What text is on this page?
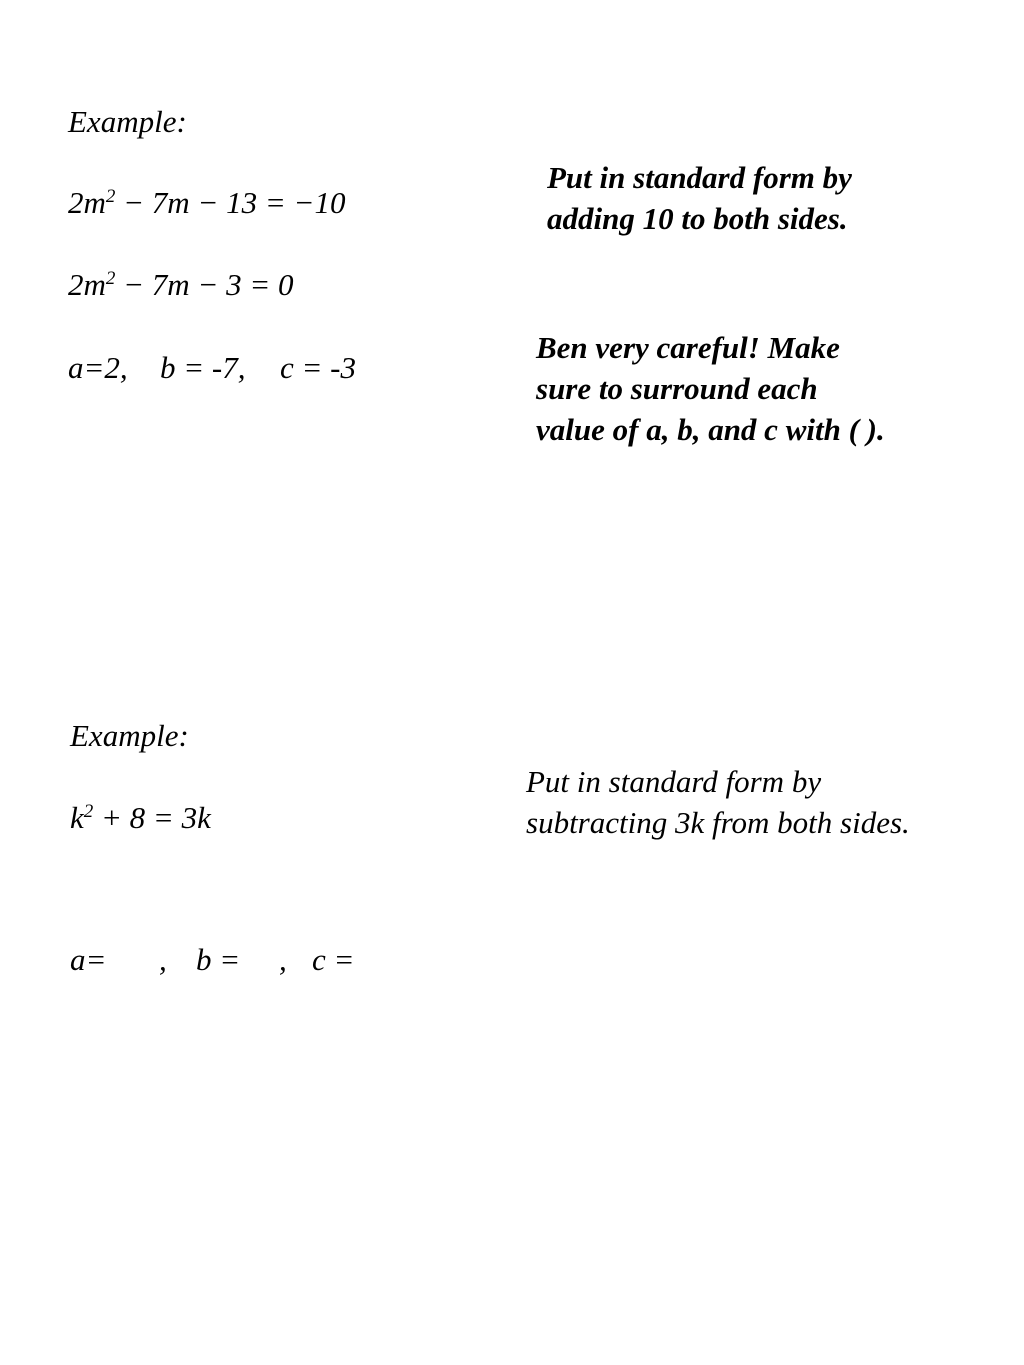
Example:
$2m^2 - 7m - 13 = -10$
$2m^2 - 7m - 3 = 0$
a=2, b = -7, c = -3
Put in standard form by
adding 10 to both sides.
Ben very careful! Make
sure to surround each
value of a, b, and c with ( ).
Example:
$k^2 + 8 = 3k$
Put in standard form by
subtracting 3k from both sides.
a= , b = , c =
